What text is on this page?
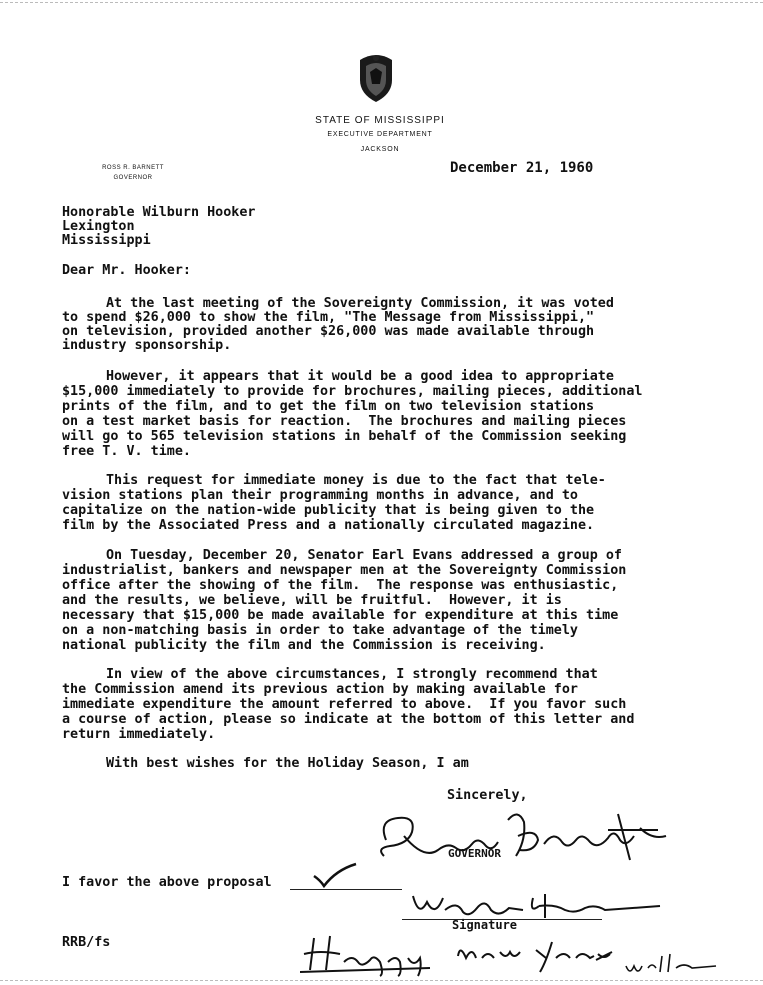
STATE OF MISSISSIPPI
EXECUTIVE DEPARTMENT
JACKSON
ROSS R. BARNETT
GOVERNOR
December 21, 1960
Honorable Wilburn Hooker
Lexington
Mississippi
Dear Mr. Hooker:
At the last meeting of the Sovereignty Commission, it was voted
to spend $26,000 to show the film, "The Message from Mississippi,"
on television, provided another $26,000 was made available through
industry sponsorship.
However, it appears that it would be a good idea to appropriate
$15,000 immediately to provide for brochures, mailing pieces, additional
prints of the film, and to get the film on two television stations
on a test market basis for reaction.  The brochures and mailing pieces
will go to 565 television stations in behalf of the Commission seeking
free T. V. time.
This request for immediate money is due to the fact that tele-
vision stations plan their programming months in advance, and to
capitalize on the nation-wide publicity that is being given to the
film by the Associated Press and a nationally circulated magazine.
On Tuesday, December 20, Senator Earl Evans addressed a group of
industrialist, bankers and newspaper men at the Sovereignty Commission
office after the showing of the film.  The response was enthusiastic,
and the results, we believe, will be fruitful.  However, it is
necessary that $15,000 be made available for expenditure at this time
on a non-matching basis in order to take advantage of the timely
national publicity the film and the Commission is receiving.
In view of the above circumstances, I strongly recommend that
the Commission amend its previous action by making available for
immediate expenditure the amount referred to above.  If you favor such
a course of action, please so indicate at the bottom of this letter and
return immediately.
With best wishes for the Holiday Season, I am
Sincerely,
GOVERNOR
I favor the above proposal
Signature
RRB/fs
